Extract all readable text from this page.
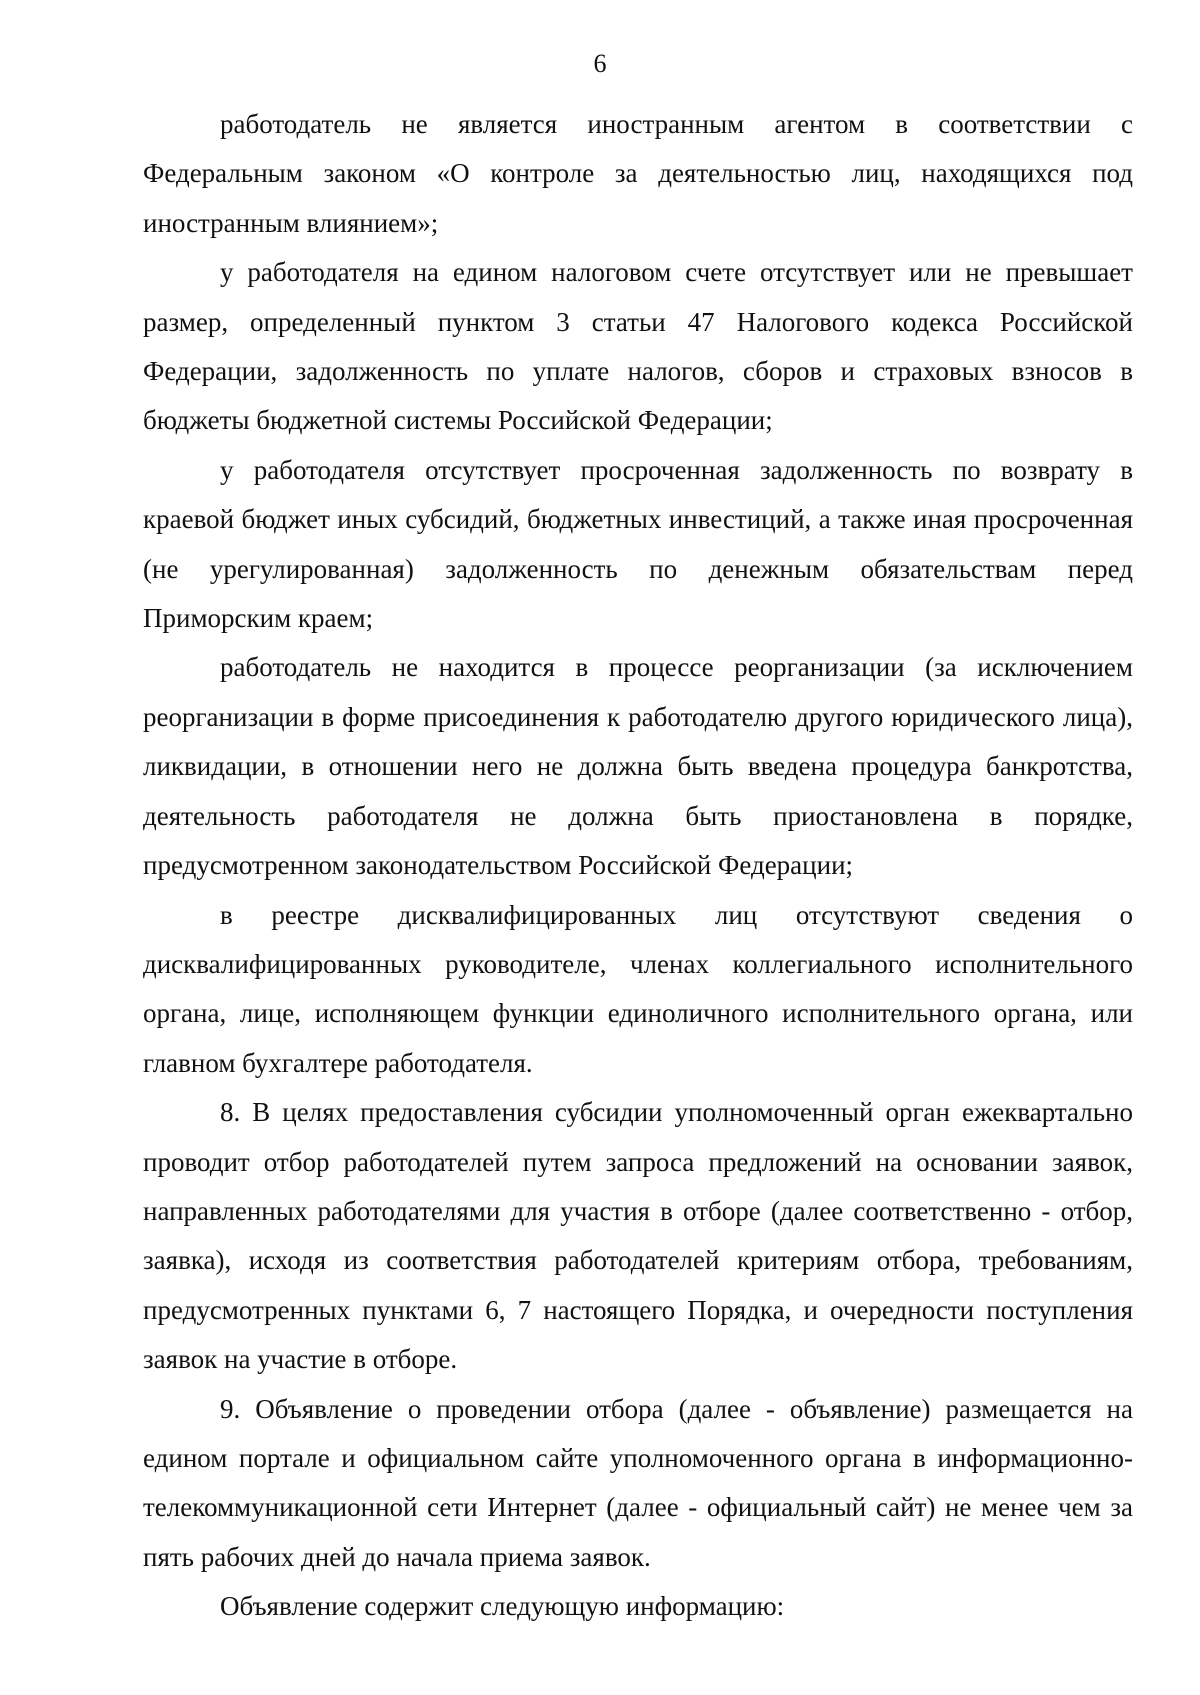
6

работодатель не является иностранным агентом в соответствии с Федеральным законом «О контроле за деятельностью лиц, находящихся под иностранным влиянием»;

у работодателя на едином налоговом счете отсутствует или не превышает размер, определенный пунктом 3 статьи 47 Налогового кодекса Российской Федерации, задолженность по уплате налогов, сборов и страховых взносов в бюджеты бюджетной системы Российской Федерации;

у работодателя отсутствует просроченная задолженность по возврату в краевой бюджет иных субсидий, бюджетных инвестиций, а также иная просроченная (не урегулированная) задолженность по денежным обязательствам перед Приморским краем;

работодатель не находится в процессе реорганизации (за исключением реорганизации в форме присоединения к работодателю другого юридического лица), ликвидации, в отношении него не должна быть введена процедура банкротства, деятельность работодателя не должна быть приостановлена в порядке, предусмотренном законодательством Российской Федерации;

в реестре дисквалифицированных лиц отсутствуют сведения о дисквалифицированных руководителе, членах коллегиального исполнительного органа, лице, исполняющем функции единоличного исполнительного органа, или главном бухгалтере работодателя.

8. В целях предоставления субсидии уполномоченный орган ежеквартально проводит отбор работодателей путем запроса предложений на основании заявок, направленных работодателями для участия в отборе (далее соответственно - отбор, заявка), исходя из соответствия работодателей критериям отбора, требованиям, предусмотренных пунктами 6, 7 настоящего Порядка, и очередности поступления заявок на участие в отборе.

9. Объявление о проведении отбора (далее - объявление) размещается на едином портале и официальном сайте уполномоченного органа в информационно-телекоммуникационной сети Интернет (далее - официальный сайт) не менее чем за пять рабочих дней до начала приема заявок.

Объявление содержит следующую информацию:
